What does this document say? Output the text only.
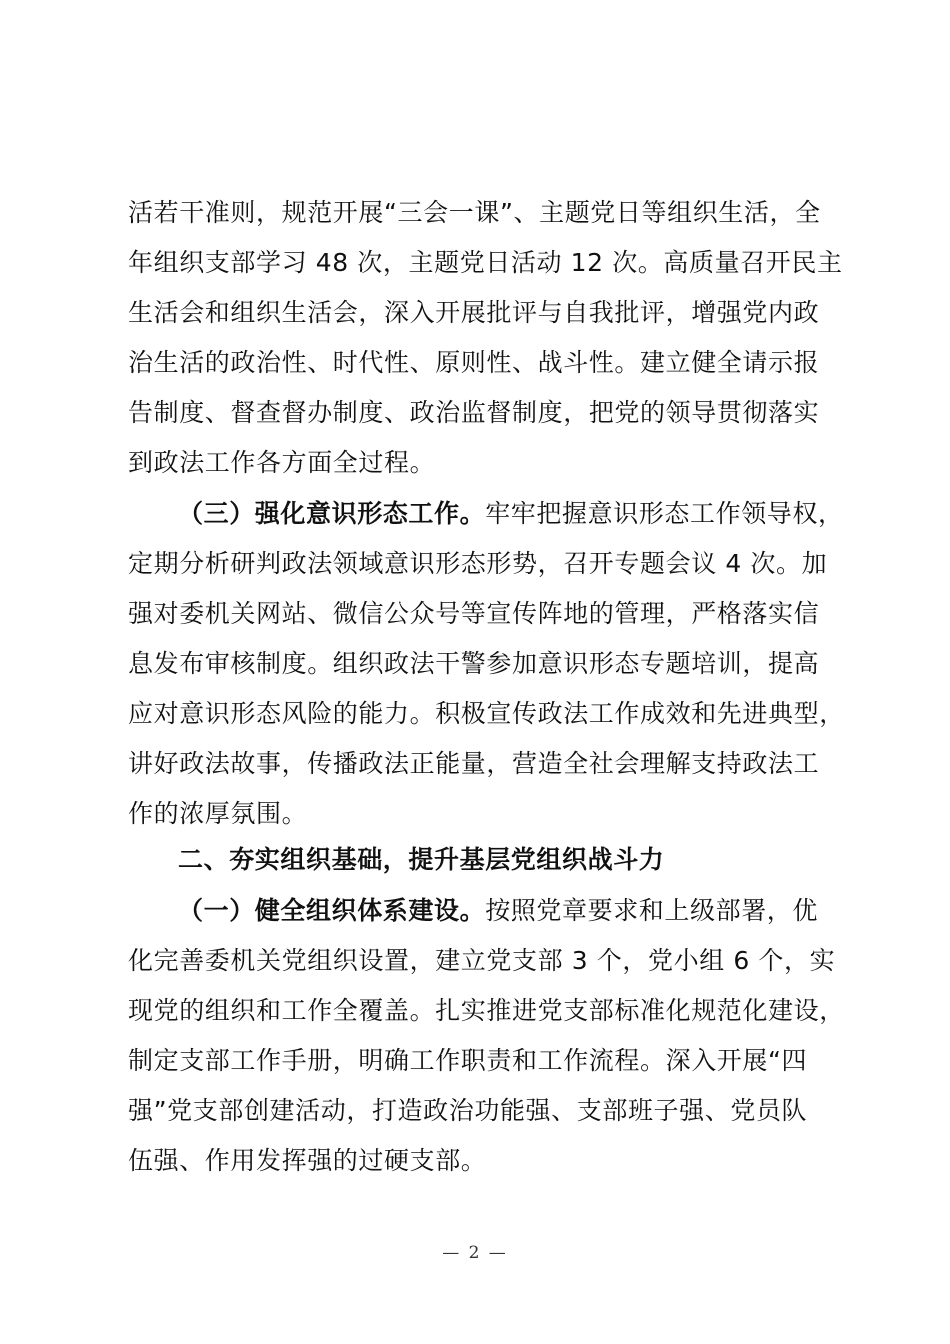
活若干准则，规范开展“三会一课”、主题党日等组织生活，全
年组织支部学习 48 次，主题党日活动 12 次。高质量召开民主
生活会和组织生活会，深入开展批评与自我批评，增强党内政
治生活的政治性、时代性、原则性、战斗性。建立健全请示报
告制度、督查督办制度、政治监督制度，把党的领导贯彻落实
到政法工作各方面全过程。
（三）强化意识形态工作。牢牢把握意识形态工作领导权，
定期分析研判政法领域意识形态形势，召开专题会议 4 次。加
强对委机关网站、微信公众号等宣传阵地的管理，严格落实信
息发布审核制度。组织政法干警参加意识形态专题培训，提高
应对意识形态风险的能力。积极宣传政法工作成效和先进典型，
讲好政法故事，传播政法正能量，营造全社会理解支持政法工
作的浓厚氛围。
二、夯实组织基础，提升基层党组织战斗力
（一）健全组织体系建设。按照党章要求和上级部署，优
化完善委机关党组织设置，建立党支部 3 个，党小组 6 个，实
现党的组织和工作全覆盖。扎实推进党支部标准化规范化建设，
制定支部工作手册，明确工作职责和工作流程。深入开展“四
强”党支部创建活动，打造政治功能强、支部班子强、党员队
伍强、作用发挥强的过硬支部。
— 2 —
